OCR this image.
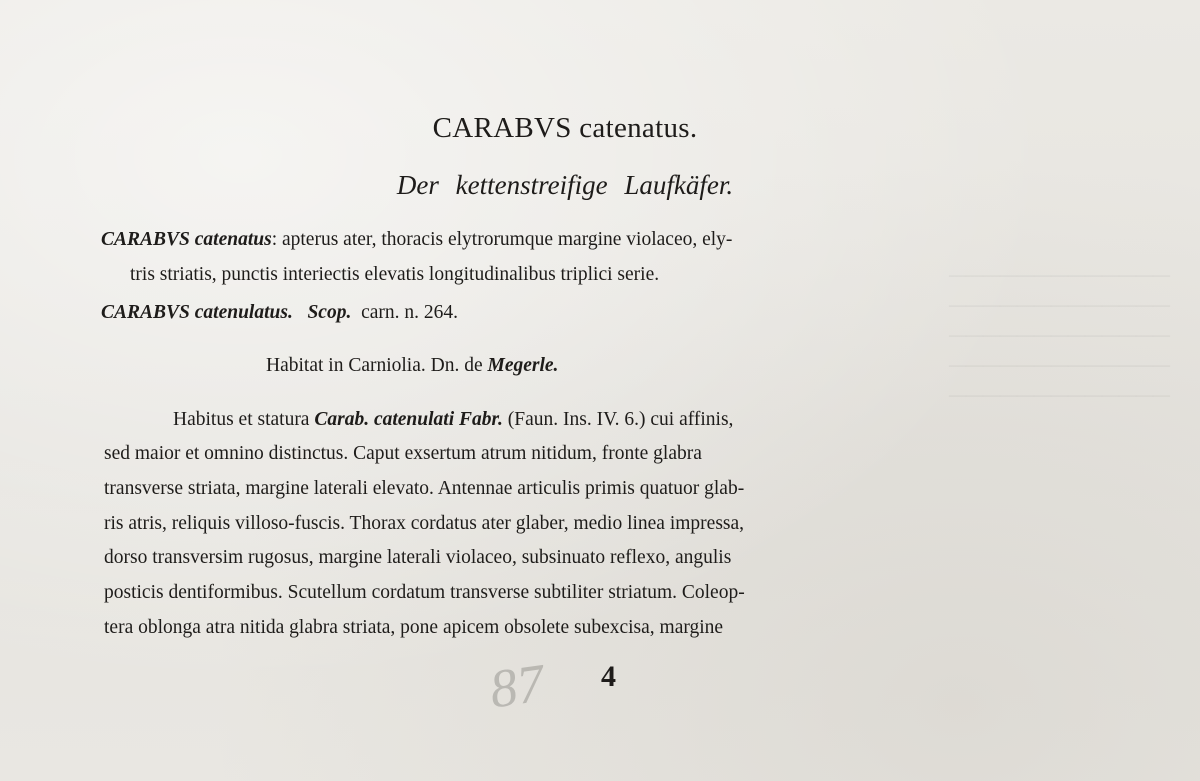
—————————————
—————————————
—————————————
—————————————
—————————————
CARABVS catenatus.
Der kettenstreifige Laufkäfer.
CARABVS catenatus: apterus ater, thoracis elytrorumque margine violaceo, ely-
tris striatis, punctis interiectis elevatis longitudinalibus triplici serie.
CARABVS catenulatus. Scop. carn. n. 264.
Habitat in Carniolia. Dn. de Megerle.
Habitus et statura Carab. catenulati Fabr. (Faun. Ins. IV. 6.) cui affinis,
sed maior et omnino distinctus. Caput exsertum atrum nitidum, fronte glabra
transverse striata, margine laterali elevato. Antennae articulis primis quatuor glab-
ris atris, reliquis villoso-fuscis. Thorax cordatus ater glaber, medio linea impressa,
dorso transversim rugosus, margine laterali violaceo, subsinuato reflexo, angulis
posticis dentiformibus. Scutellum cordatum transverse subtiliter striatum. Coleop-
tera oblonga atra nitida glabra striata, pone apicem obsolete subexcisa, margine
87 4
